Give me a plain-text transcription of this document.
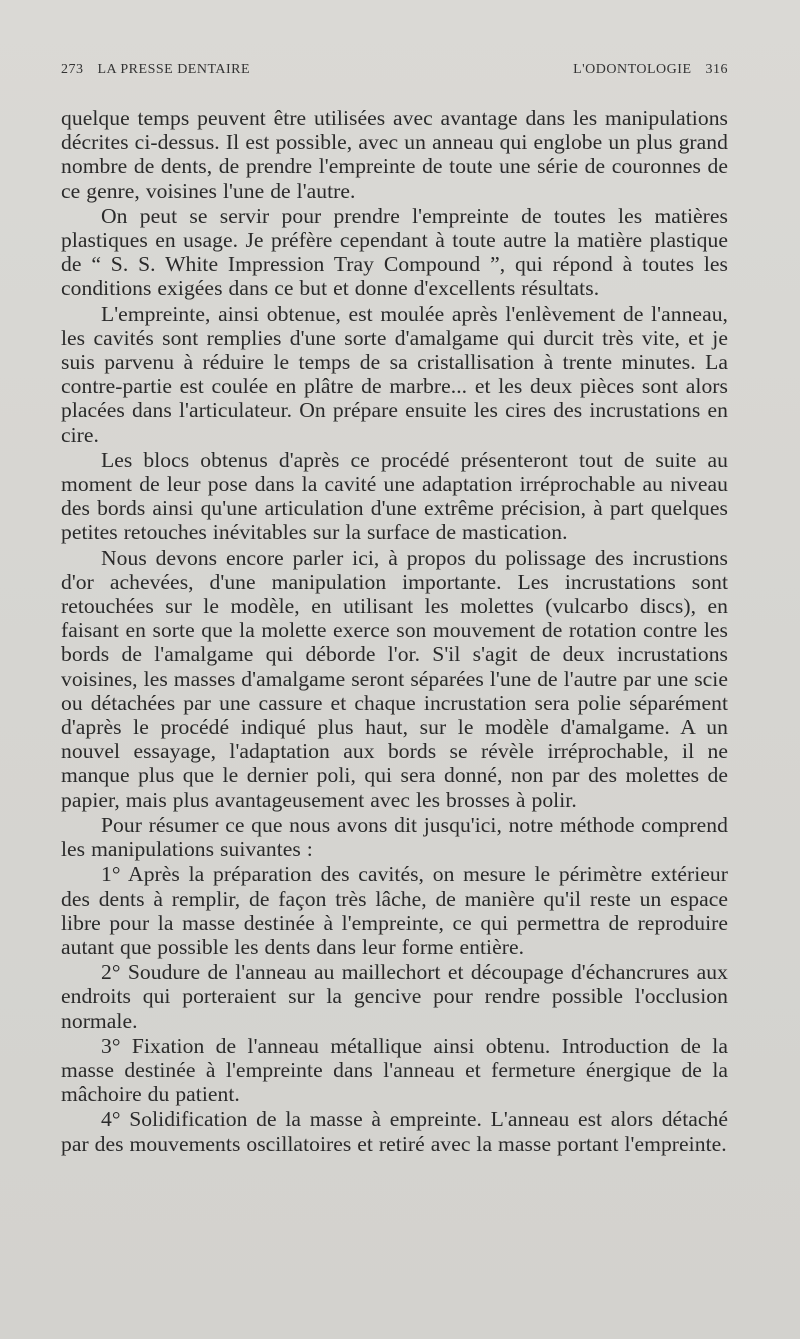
273 LA PRESSE DENTAIRE	L'ODONTOLOGIE 316

quelque temps peuvent être utilisées avec avantage dans les manipulations décrites ci-dessus. Il est possible, avec un anneau qui englobe un plus grand nombre de dents, de prendre l'empreinte de toute une série de couronnes de ce genre, voisines l'une de l'autre.

On peut se servir pour prendre l'empreinte de toutes les matières plastiques en usage. Je préfère cependant à toute autre la matière plastique de “ S. S. White Impression Tray Compound ”, qui répond à toutes les conditions exigées dans ce but et donne d'excellents résultats.

L'empreinte, ainsi obtenue, est moulée après l'enlèvement de l'anneau, les cavités sont remplies d'une sorte d'amalgame qui durcit très vite, et je suis parvenu à réduire le temps de sa cristallisation à trente minutes. La contre-partie est coulée en plâtre de marbre... et les deux pièces sont alors placées dans l'articulateur. On prépare ensuite les cires des incrustations en cire.

Les blocs obtenus d'après ce procédé présenteront tout de suite au moment de leur pose dans la cavité une adaptation irréprochable au niveau des bords ainsi qu'une articulation d'une extrême précision, à part quelques petites retouches inévitables sur la surface de mastication.

Nous devons encore parler ici, à propos du polissage des incrustions d'or achevées, d'une manipulation importante. Les incrustations sont retouchées sur le modèle, en utilisant les molettes (vulcarbo discs), en faisant en sorte que la molette exerce son mouvement de rotation contre les bords de l'amalgame qui déborde l'or. S'il s'agit de deux incrustations voisines, les masses d'amalgame seront séparées l'une de l'autre par une scie ou détachées par une cassure et chaque incrustation sera polie séparément d'après le procédé indiqué plus haut, sur le modèle d'amalgame. A un nouvel essayage, l'adaptation aux bords se révèle irréprochable, il ne manque plus que le dernier poli, qui sera donné, non par des molettes de papier, mais plus avantageusement avec les brosses à polir.

Pour résumer ce que nous avons dit jusqu'ici, notre méthode comprend les manipulations suivantes :

1° Après la préparation des cavités, on mesure le périmètre extérieur des dents à remplir, de façon très lâche, de manière qu'il reste un espace libre pour la masse destinée à l'empreinte, ce qui permettra de reproduire autant que possible les dents dans leur forme entière.

2° Soudure de l'anneau au maillechort et découpage d'échancrures aux endroits qui porteraient sur la gencive pour rendre possible l'occlusion normale.

3° Fixation de l'anneau métallique ainsi obtenu. Introduction de la masse destinée à l'empreinte dans l'anneau et fermeture énergique de la mâchoire du patient.

4° Solidification de la masse à empreinte. L'anneau est alors détaché par des mouvements oscillatoires et retiré avec la masse portant l'empreinte.
